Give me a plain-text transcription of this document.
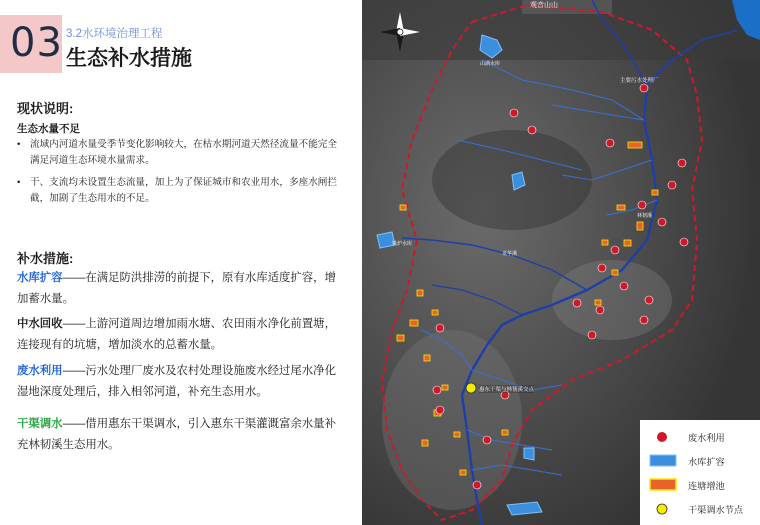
03 3.2水环境治理工程
生态补水措施
现状说明:
生态水量不足
• 流域内河道水量受季节变化影响较大，在枯水期河道天然径流量不能完全满足河道生态环境水量需求。
• 干、支流均未设置生态流量，加上为了保证城市和农业用水，多座水闸拦截，加剧了生态用水的不足。
补水措施:
水库扩容——在满足防洪排涝的前提下，原有水库适度扩容，增加蓄水量。
中水回收——上游河道周边增加雨水塘、农田雨水净化前置塘，连接现有的坑塘，增加淡水的总蓄水量。
废水利用——污水处理厂废水及农村处理设施废水经过尾水净化湿地深度处理后，排入相邻河道，补充生态用水。
干渠调水——借用惠东干渠调水，引入惠东干渠灌溉富余水量补充林韧溪生态用水。
观音山山
主要污水处理厂
惠东干渠与林韧溪交点
林韧溪
龙华溪
铁炉水库
山湖水库
废水利用
水库扩容
连塘增池
干渠调水节点
